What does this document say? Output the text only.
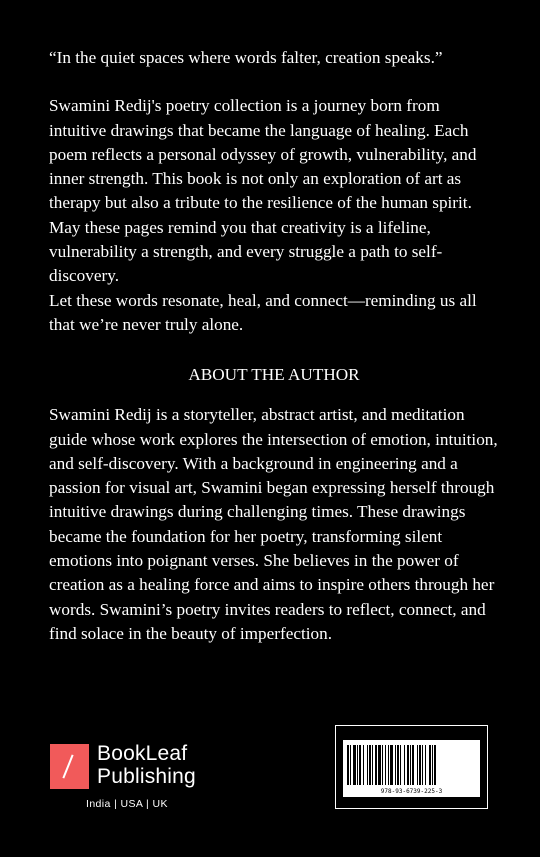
“In the quiet spaces where words falter, creation speaks.”

Swamini Redij's poetry collection is a journey born from intuitive drawings that became the language of healing. Each poem reflects a personal odyssey of growth, vulnerability, and inner strength. This book is not only an exploration of art as therapy but also a tribute to the resilience of the human spirit.

May these pages remind you that creativity is a lifeline, vulnerability a strength, and every struggle a path to self-discovery.

Let these words resonate, heal, and connect—reminding us all that we’re never truly alone.

ABOUT THE AUTHOR

Swamini Redij is a storyteller, abstract artist, and meditation guide whose work explores the intersection of emotion, intuition, and self-discovery. With a background in engineering and a passion for visual art, Swamini began expressing herself through intuitive drawings during challenging times. These drawings became the foundation for her poetry, transforming silent emotions into poignant verses. She believes in the power of creation as a healing force and aims to inspire others through her words. Swamini’s poetry invites readers to reflect, connect, and find solace in the beauty of imperfection.

BookLeaf
Publishing
India | USA | UK
978-93-6739-225-3
